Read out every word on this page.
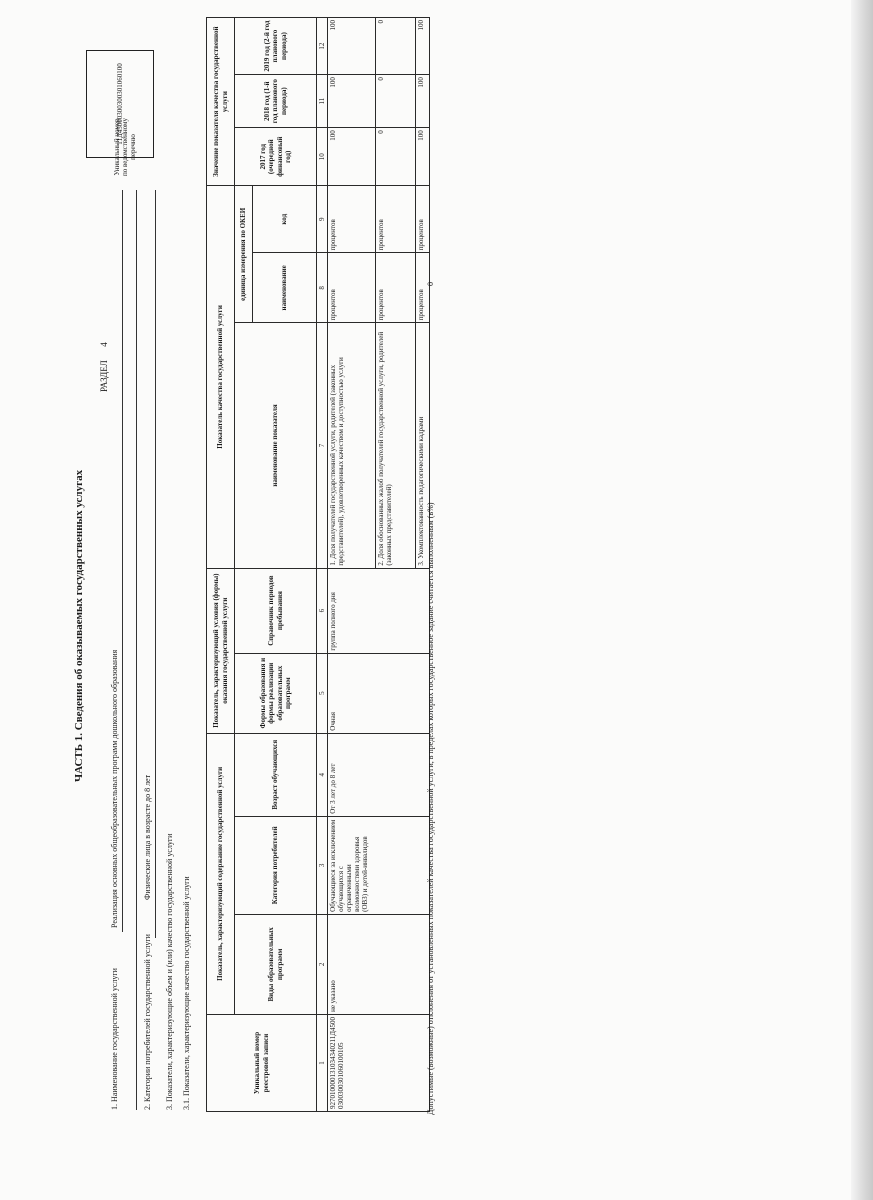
ЧАСТЬ 1. Сведения об оказываемых государственных услугах
РАЗДЕЛ      4
1. Наименование государственной услуги
Реализация основных общеобразовательных программ дошкольного образования
2. Категории потребителей государственной услуги
Физические лица в возрасте до 8 лет 3. Показатели, характеризующие объем и (или) качество государственной услуги 3.1. Показатели, характеризующие качество государственной услуги
Уникальный номер по ведомственному перечню
11Д45000300300301060100
Уникальный номер реестровой записи	Показатель, характеризующий содержание государственной услуги			Показатель, характеризующий условия (формы) оказания государственной услуги		Показатель качества государственной услуги			Значение показателя качества государственной услуги		
	Виды образовательных программ	Категория потребителей	Возраст обучающихся	Формы образования и формы реализации образовательных программ	Справочник периодов пребывания	наименование показателя	единица измерения по ОКЕИ		2017 год (очередной финансовый год)	2018 год (1-й год планового периода)	2019 год (2-й год планового периода)
							наименование	код			
1	2	3	4	5	6	7	8	9	10	11	12
927010000131034340211Д45000300300301060100105	не указано	Обучающиеся за исключением обучающихся с ограниченными возможностями здоровья (ОВЗ) и детей-инвалидов	От 3 лет до 8 лет	Очная	группа полного дня	1. Доля получателей государственной услуги, родителей (законных представителей), удовлетворенных качеством и доступностью услуги	процентов	процентов	100	100	100
						2. Доля обоснованных жалоб получателей государственной услуги, родителей (законных представителей)	процентов	процентов	0	0	0
						3. Укомплектованность педагогическими кадрами	процентов	процентов	100	100	100
Допустимые (возможные) отклонения от установленных показателей качества государственной услуги, в пределах которых государственное задание считается выполненным (в%)
0
